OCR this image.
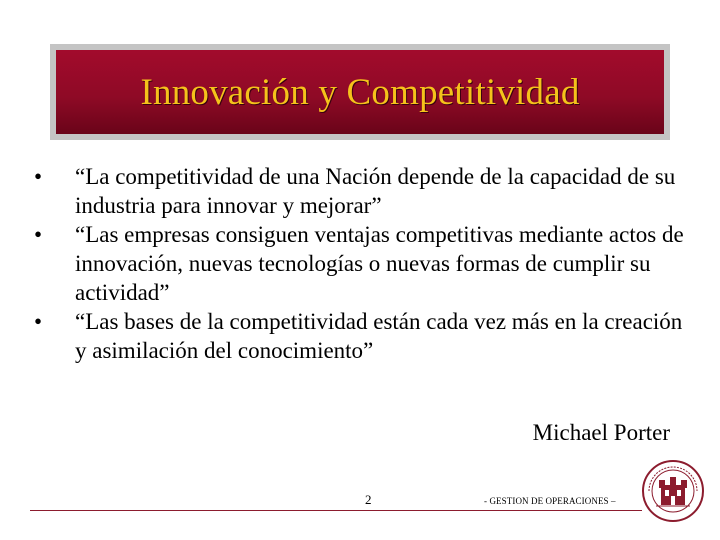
Innovación y Competitividad
•	“La competitividad de una Nación depende de la capacidad de su industria para innovar y mejorar”
•	“Las empresas consiguen ventajas competitivas mediante actos de innovación, nuevas tecnologías o nuevas formas de cumplir su actividad”
•	“Las bases de la competitividad están cada vez más en la creación y asimilación del conocimiento”
Michael Porter
2	- GESTION DE OPERACIONES –
